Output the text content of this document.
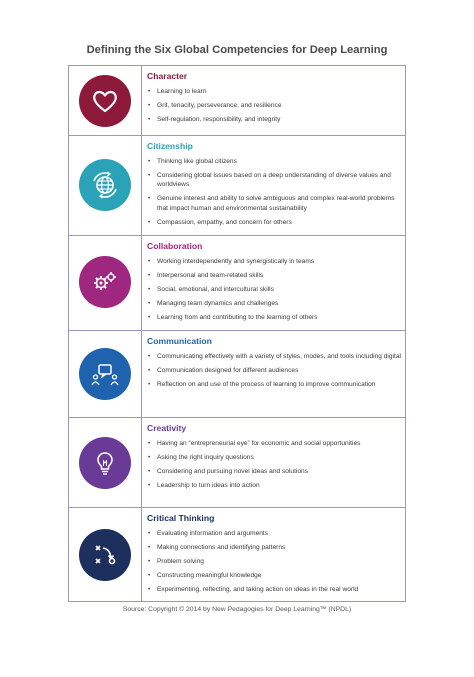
Defining the Six Global Competencies for Deep Learning
Character
• Learning to learn
• Grit, tenacity, perseverance, and resilience
• Self-regulation, responsibility, and integrity
Citizenship
• Thinking like global citizens
• Considering global issues based on a deep understanding of diverse values and worldviews
• Genuine interest and ability to solve ambiguous and complex real-world problems that impact human and environmental sustainability
• Compassion, empathy, and concern for others
Collaboration
• Working interdependently and synergistically in teams
• Interpersonal and team-related skills
• Social, emotional, and intercultural skills
• Managing team dynamics and challenges
• Learning from and contributing to the learning of others
Communication
• Communicating effectively with a variety of styles, modes, and tools including digital
• Communication designed for different audiences
• Reflection on and use of the process of learning to improve communication
Creativity
• Having an “entrepreneurial eye” for economic and social opportunities
• Asking the right inquiry questions
• Considering and pursuing novel ideas and solutions
• Leadership to turn ideas into action
Critical Thinking
• Evaluating information and arguments
• Making connections and identifying patterns
• Problem solving
• Constructing meaningful knowledge
• Experimenting, reflecting, and taking action on ideas in the real world
Source: Copyright © 2014 by New Pedagogies for Deep Learning™ (NPDL)
